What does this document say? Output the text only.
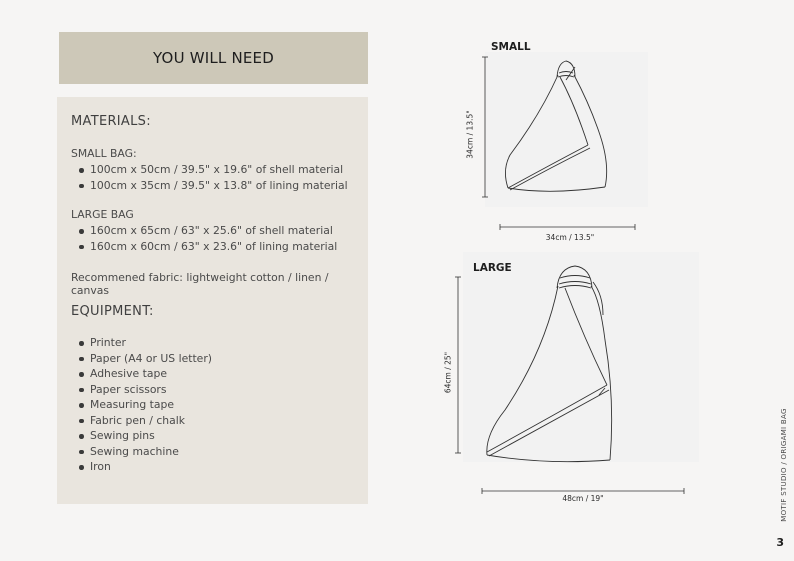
YOU WILL NEED

MATERIALS:

SMALL BAG:

100cm x 50cm / 39.5" x 19.6" of shell material
100cm x 35cm / 39.5" x 13.8" of lining material

LARGE BAG

160cm x 65cm / 63" x 25.6" of shell material
160cm x 60cm / 63" x 23.6" of lining material

Recommened fabric: lightweight cotton / linen / canvas

EQUIPMENT:

Printer
Paper (A4 or US letter)
Adhesive tape
Paper scissors
Measuring tape
Fabric pen / chalk
Sewing pins
Sewing machine
Iron
SMALL
34cm / 13.5"
34cm / 13.5"
LARGE
64cm / 25"
48cm / 19"	MOTIF STUDIO / ORIGAMI BAG
3
